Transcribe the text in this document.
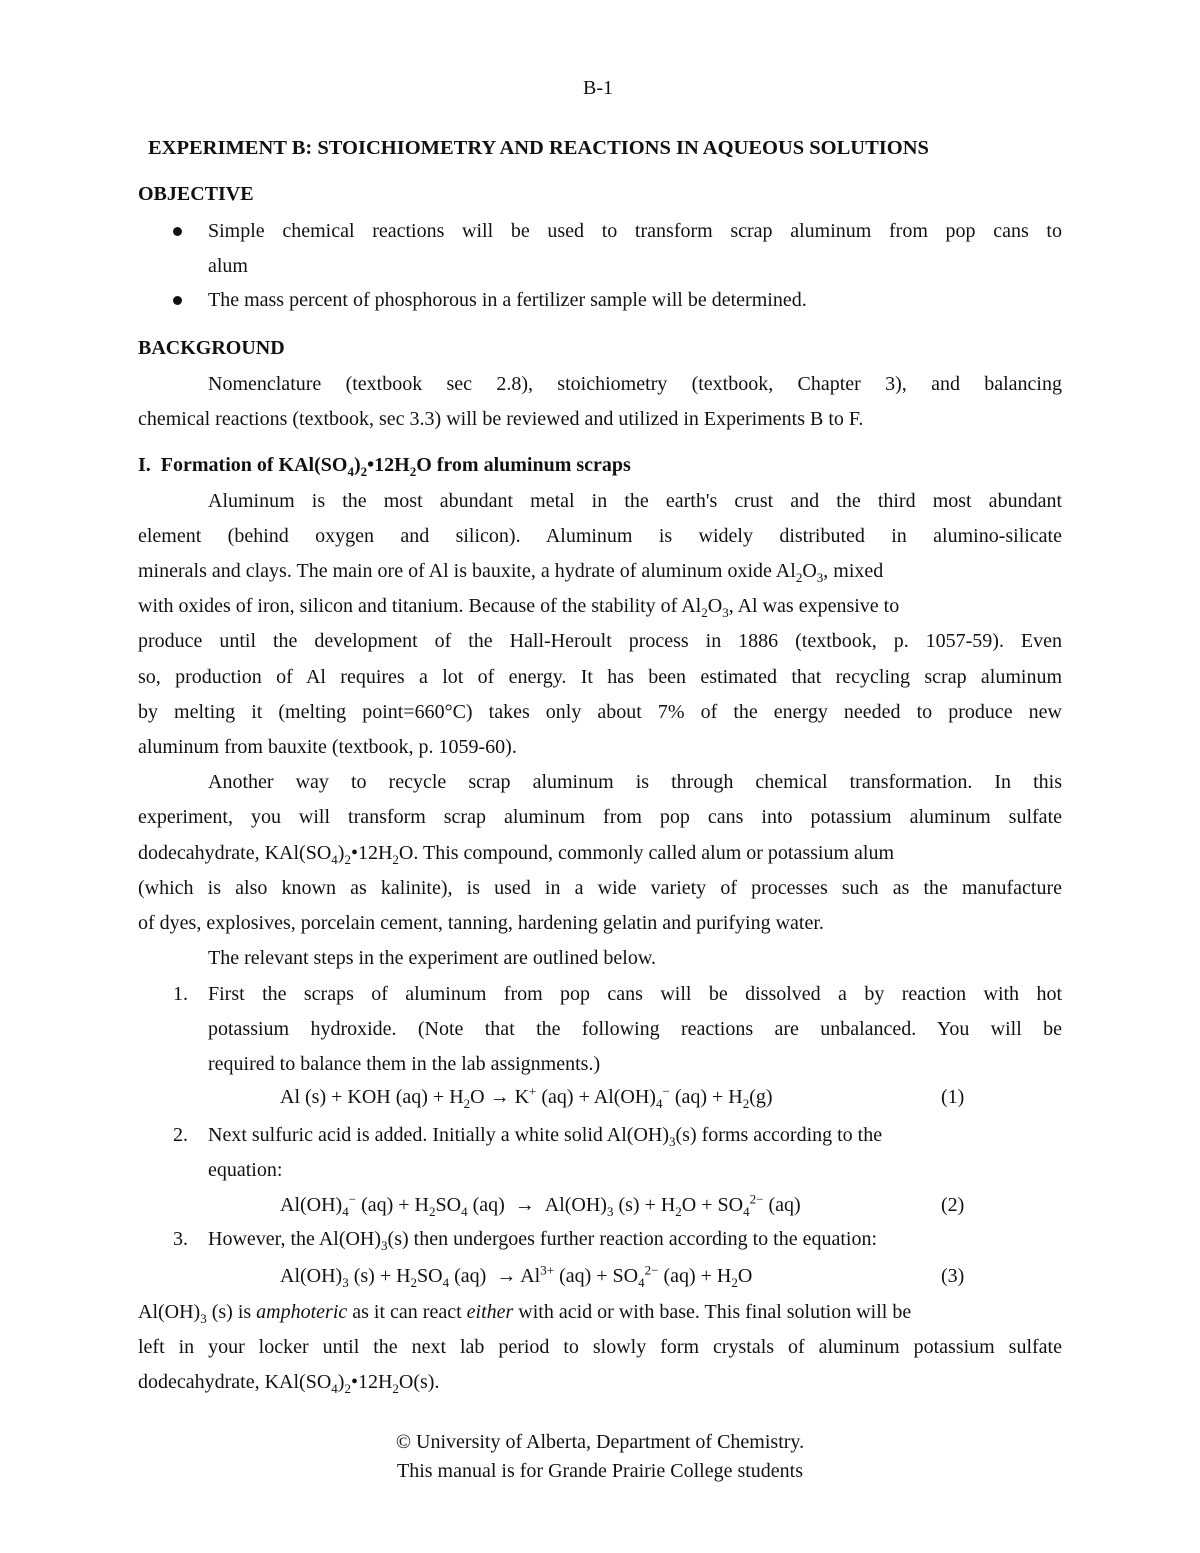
B-1
EXPERIMENT B: STOICHIOMETRY AND REACTIONS IN AQUEOUS SOLUTIONS
OBJECTIVE
Simple chemical reactions will be used to transform scrap aluminum from pop cans to
alum
The mass percent of phosphorous in a fertilizer sample will be determined.
BACKGROUND
Nomenclature (textbook sec 2.8), stoichiometry (textbook, Chapter 3), and balancing
chemical reactions (textbook, sec 3.3) will be reviewed and utilized in Experiments B to F.
I. Formation of $KAl(SO_4)_2•12H_2O$ from aluminum scraps
Aluminum is the most abundant metal in the earth's crust and the third most abundant
element (behind oxygen and silicon). Aluminum is widely distributed in alumino-silicate
minerals and clays. The main ore of Al is bauxite, a hydrate of aluminum oxide $Al_2O_3$, mixed
with oxides of iron, silicon and titanium. Because of the stability of $Al_2O_3$, Al was expensive to
produce until the development of the Hall-Heroult process in 1886 (textbook, p. 1057-59). Even
so, production of Al requires a lot of energy. It has been estimated that recycling scrap aluminum
by melting it (melting point=660°C) takes only about 7% of the energy needed to produce new
aluminum from bauxite (textbook, p. 1059-60).
Another way to recycle scrap aluminum is through chemical transformation. In this
experiment, you will transform scrap aluminum from pop cans into potassium aluminum sulfate
dodecahydrate, $KAl(SO_4)_2•12H_2O$. This compound, commonly called alum or potassium alum
(which is also known as kalinite), is used in a wide variety of processes such as the manufacture
of dyes, explosives, porcelain cement, tanning, hardening gelatin and purifying water.
The relevant steps in the experiment are outlined below.
1. First the scraps of aluminum from pop cans will be dissolved a by reaction with hot
potassium hydroxide. (Note that the following reactions are unbalanced. You will be
required to balance them in the lab assignments.)
Al (s) + KOH $(aq) + H_2O \to K^+$ $(aq) + Al(OH)_4^-$ $(aq) + H_2(g)$	(1)
2. Next sulfuric acid is added. Initially a white solid $Al(OH)_3(s)$ forms according to the
equation:
$Al(OH)_4^-$ $(aq) + H_2SO_4$ $(aq) \to Al(OH)_3$ $(s) + H_2O + SO_4^{2-}$ (aq)	(2)
3. However, the $Al(OH)_3(s)$ then undergoes further reaction according to the equation:
$Al(OH)_3$ $(s) + H_2SO_4$ $(aq) \to Al^{3+}$ $(aq) + SO_4^{2-}$ $(aq) + H_2O$	(3)
$Al(OH)_3$ (s) is amphoteric as it can react either with acid or with base. This final solution will be
left in your locker until the next lab period to slowly form crystals of aluminum potassium sulfate
dodecahydrate, $KAl(SO_4)_2•12H_2O(s)$.
© University of Alberta, Department of Chemistry.
This manual is for Grande Prairie College students
